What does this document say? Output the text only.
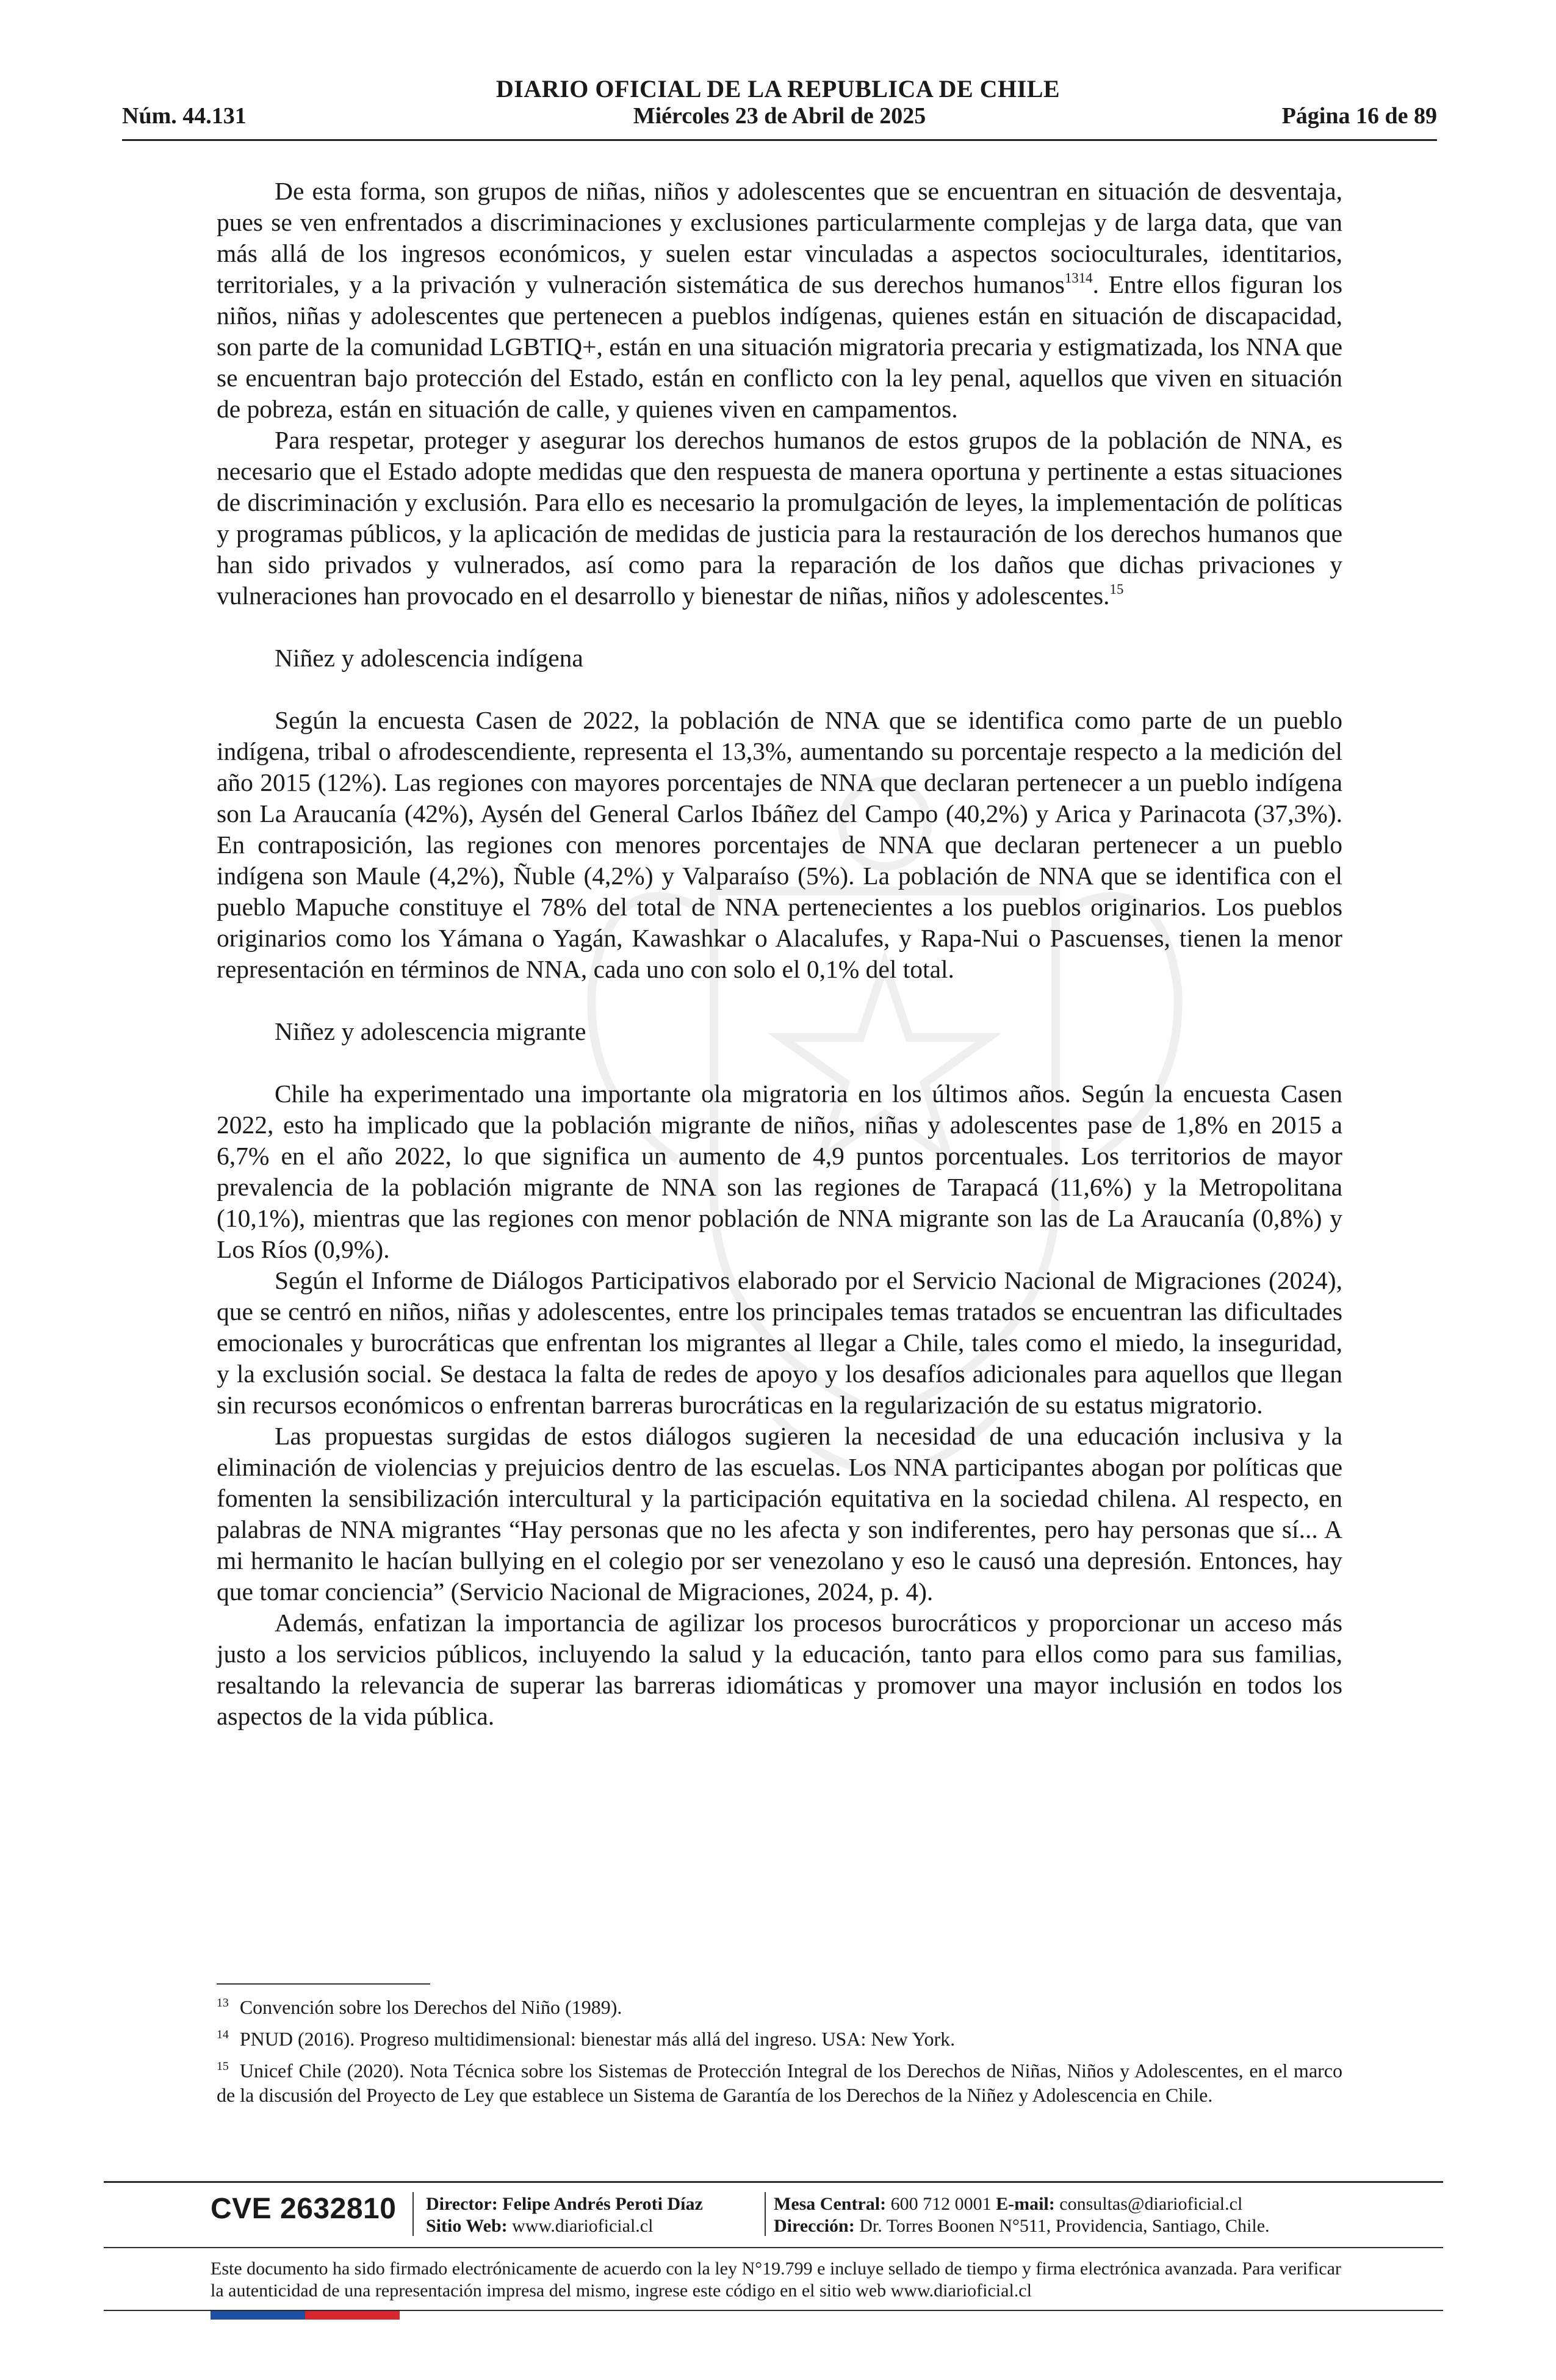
DIARIO OFICIAL DE LA REPUBLICA DE CHILE
Núm. 44.131	Miércoles 23 de Abril de 2025	Página 16 de 89

De esta forma, son grupos de niñas, niños y adolescentes que se encuentran en situación de desventaja, pues se ven enfrentados a discriminaciones y exclusiones particularmente complejas y de larga data, que van más allá de los ingresos económicos, y suelen estar vinculadas a aspectos socioculturales, identitarios, territoriales, y a la privación y vulneración sistemática de sus derechos humanos$^{1314}$. Entre ellos figuran los niños, niñas y adolescentes que pertenecen a pueblos indígenas, quienes están en situación de discapacidad, son parte de la comunidad LGBTIQ+, están en una situación migratoria precaria y estigmatizada, los NNA que se encuentran bajo protección del Estado, están en conflicto con la ley penal, aquellos que viven en situación de pobreza, están en situación de calle, y quienes viven en campamentos.

Para respetar, proteger y asegurar los derechos humanos de estos grupos de la población de NNA, es necesario que el Estado adopte medidas que den respuesta de manera oportuna y pertinente a estas situaciones de discriminación y exclusión. Para ello es necesario la promulgación de leyes, la implementación de políticas y programas públicos, y la aplicación de medidas de justicia para la restauración de los derechos humanos que han sido privados y vulnerados, así como para la reparación de los daños que dichas privaciones y vulneraciones han provocado en el desarrollo y bienestar de niñas, niños y adolescentes.$^{15}$

Niñez y adolescencia indígena

Según la encuesta Casen de 2022, la población de NNA que se identifica como parte de un pueblo indígena, tribal o afrodescendiente, representa el 13,3%, aumentando su porcentaje respecto a la medición del año 2015 (12%). Las regiones con mayores porcentajes de NNA que declaran pertenecer a un pueblo indígena son La Araucanía (42%), Aysén del General Carlos Ibáñez del Campo (40,2%) y Arica y Parinacota (37,3%). En contraposición, las regiones con menores porcentajes de NNA que declaran pertenecer a un pueblo indígena son Maule (4,2%), Ñuble (4,2%) y Valparaíso (5%). La población de NNA que se identifica con el pueblo Mapuche constituye el 78% del total de NNA pertenecientes a los pueblos originarios. Los pueblos originarios como los Yámana o Yagán, Kawashkar o Alacalufes, y Rapa-Nui o Pascuenses, tienen la menor representación en términos de NNA, cada uno con solo el 0,1% del total.

Niñez y adolescencia migrante

Chile ha experimentado una importante ola migratoria en los últimos años. Según la encuesta Casen 2022, esto ha implicado que la población migrante de niños, niñas y adolescentes pase de 1,8% en 2015 a 6,7% en el año 2022, lo que significa un aumento de 4,9 puntos porcentuales. Los territorios de mayor prevalencia de la población migrante de NNA son las regiones de Tarapacá (11,6%) y la Metropolitana (10,1%), mientras que las regiones con menor población de NNA migrante son las de La Araucanía (0,8%) y Los Ríos (0,9%).

Según el Informe de Diálogos Participativos elaborado por el Servicio Nacional de Migraciones (2024), que se centró en niños, niñas y adolescentes, entre los principales temas tratados se encuentran las dificultades emocionales y burocráticas que enfrentan los migrantes al llegar a Chile, tales como el miedo, la inseguridad, y la exclusión social. Se destaca la falta de redes de apoyo y los desafíos adicionales para aquellos que llegan sin recursos económicos o enfrentan barreras burocráticas en la regularización de su estatus migratorio.

Las propuestas surgidas de estos diálogos sugieren la necesidad de una educación inclusiva y la eliminación de violencias y prejuicios dentro de las escuelas. Los NNA participantes abogan por políticas que fomenten la sensibilización intercultural y la participación equitativa en la sociedad chilena. Al respecto, en palabras de NNA migrantes “Hay personas que no les afecta y son indiferentes, pero hay personas que sí... A mi hermanito le hacían bullying en el colegio por ser venezolano y eso le causó una depresión. Entonces, hay que tomar conciencia” (Servicio Nacional de Migraciones, 2024, p. 4).

Además, enfatizan la importancia de agilizar los procesos burocráticos y proporcionar un acceso más justo a los servicios públicos, incluyendo la salud y la educación, tanto para ellos como para sus familias, resaltando la relevancia de superar las barreras idiomáticas y promover una mayor inclusión en todos los aspectos de la vida pública.

$^{13}$ Convención sobre los Derechos del Niño (1989).
$^{14}$ PNUD (2016). Progreso multidimensional: bienestar más allá del ingreso. USA: New York.
$^{15}$ Unicef Chile (2020). Nota Técnica sobre los Sistemas de Protección Integral de los Derechos de Niñas, Niños y Adolescentes, en el marco de la discusión del Proyecto de Ley que establece un Sistema de Garantía de los Derechos de la Niñez y Adolescencia en Chile.
CVE 2632810 Director: Felipe Andrés Peroti Díaz
Sitio Web: www.diarioficial.cl
Mesa Central: 600 712 0001 E-mail: consultas@diarioficial.cl
Dirección: Dr. Torres Boonen N°511, Providencia, Santiago, Chile.
Este documento ha sido firmado electrónicamente de acuerdo con la ley N°19.799 e incluye sellado de tiempo y firma electrónica avanzada. Para verificar la autenticidad de una representación impresa del mismo, ingrese este código en el sitio web www.diarioficial.cl
